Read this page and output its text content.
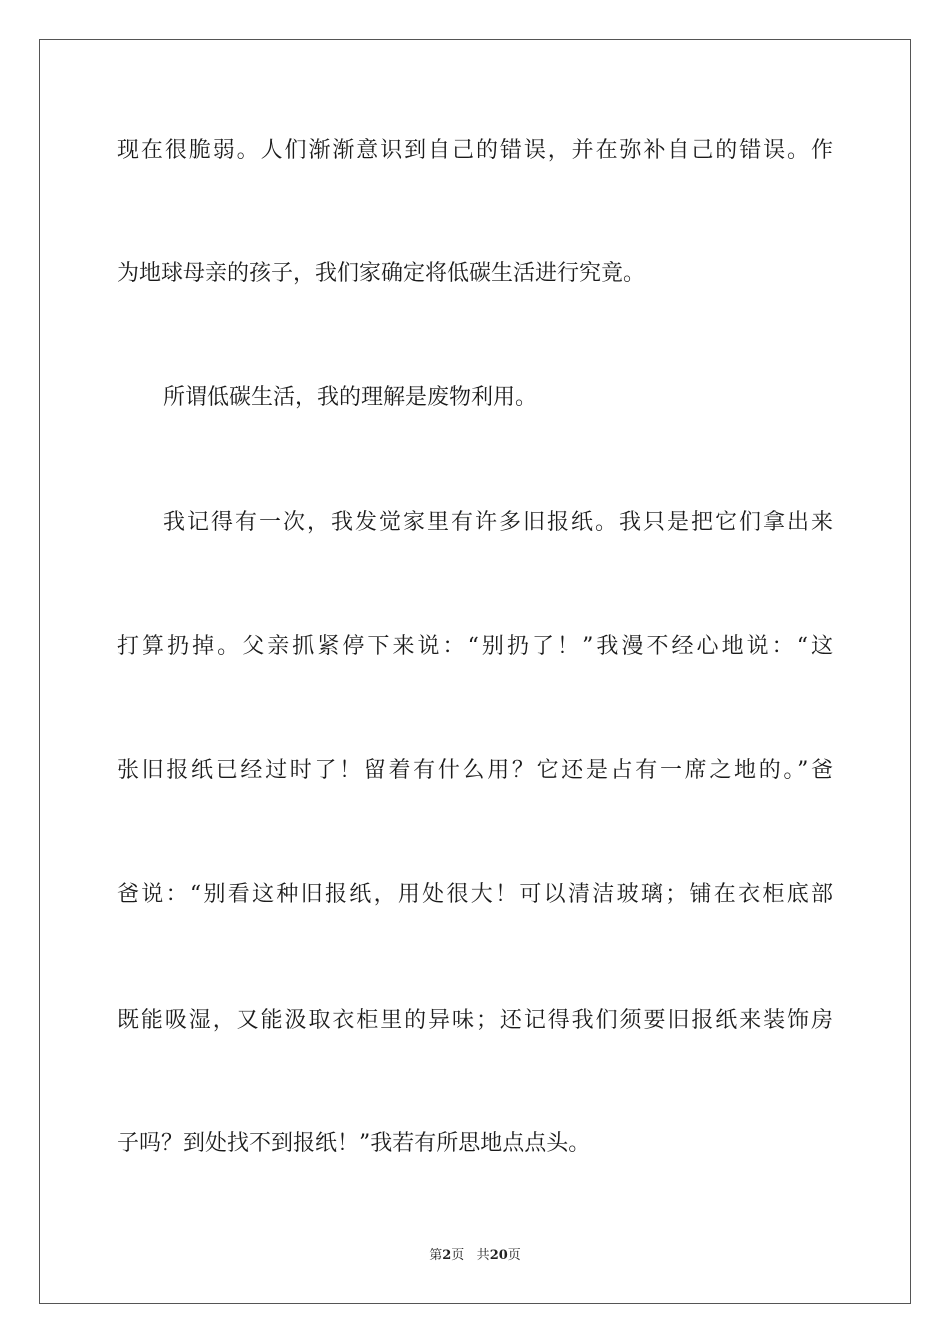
现在很脆弱。人们渐渐意识到自己的错误，并在弥补自己的错误。作
为地球母亲的孩子，我们家确定将低碳生活进行究竟。
所谓低碳生活，我的理解是废物利用。
我记得有一次，我发觉家里有许多旧报纸。我只是把它们拿出来
打算扔掉。父亲抓紧停下来说：“别扔了！”我漫不经心地说：“这
张旧报纸已经过时了！留着有什么用？它还是占有一席之地的。”爸
爸说：“别看这种旧报纸，用处很大！可以清洁玻璃；铺在衣柜底部
既能吸湿，又能汲取衣柜里的异味；还记得我们须要旧报纸来装饰房
子吗？到处找不到报纸！”我若有所思地点点头。
第2页 共20页
